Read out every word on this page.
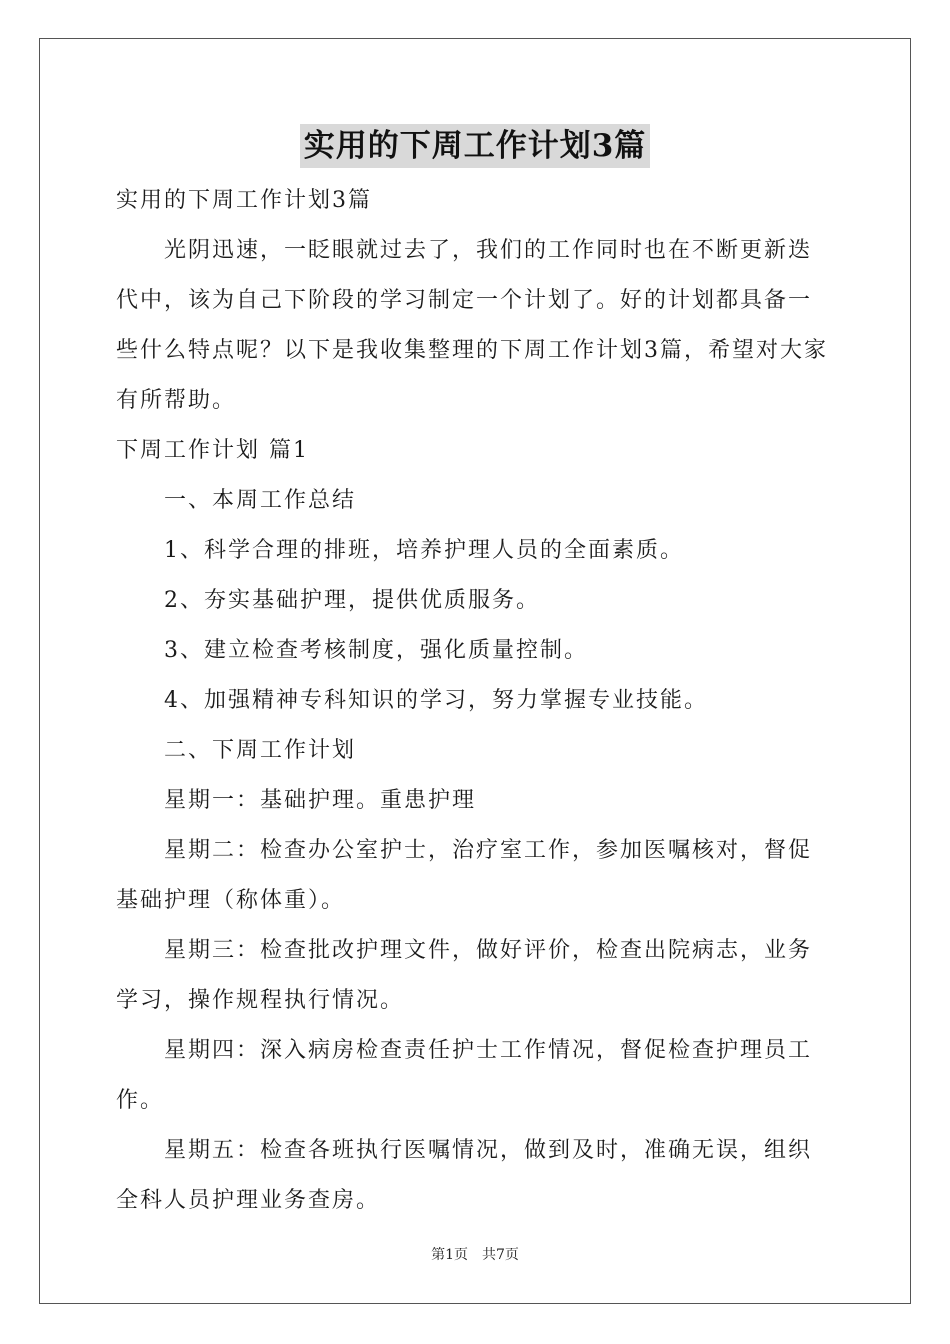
实用的下周工作计划3篇

实用的下周工作计划3篇

光阴迅速，一眨眼就过去了，我们的工作同时也在不断更新迭代中，该为自己下阶段的学习制定一个计划了。好的计划都具备一些什么特点呢？以下是我收集整理的下周工作计划3篇，希望对大家有所帮助。

下周工作计划 篇1

一、本周工作总结

1、科学合理的排班，培养护理人员的全面素质。

2、夯实基础护理，提供优质服务。

3、建立检查考核制度，强化质量控制。

4、加强精神专科知识的学习，努力掌握专业技能。

二、下周工作计划

星期一：基础护理。重患护理

星期二：检查办公室护士，治疗室工作，参加医嘱核对，督促基础护理（称体重）。

星期三：检查批改护理文件，做好评价，检查出院病志，业务学习，操作规程执行情况。

星期四：深入病房检查责任护士工作情况，督促检查护理员工作。

星期五：检查各班执行医嘱情况，做到及时，准确无误，组织全科人员护理业务查房。

第1页 共7页
